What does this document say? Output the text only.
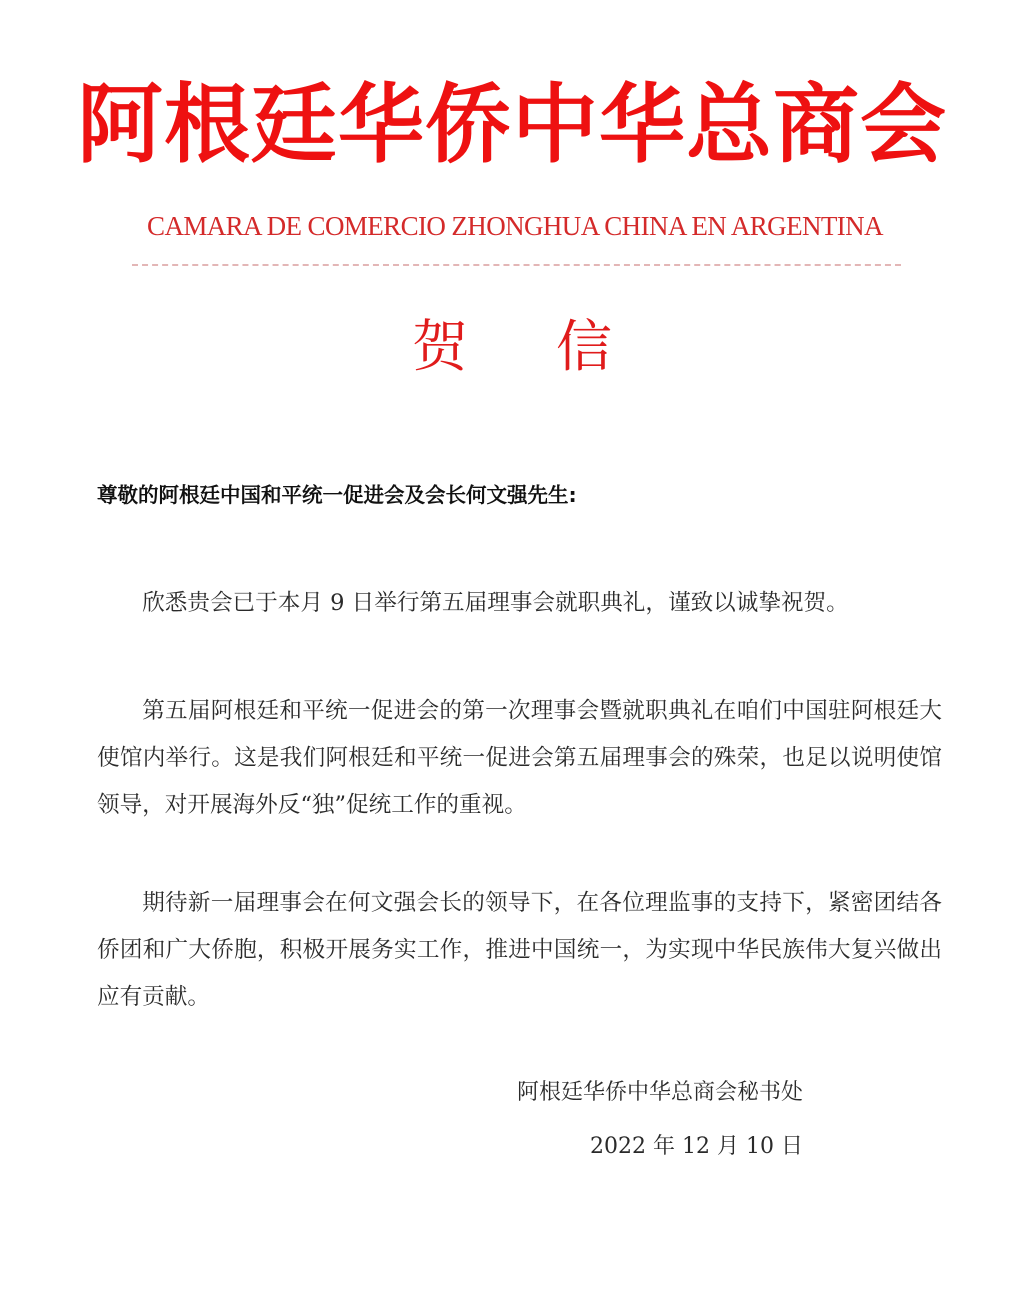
阿根廷华侨中华总商会
CAMARA DE COMERCIO ZHONGHUA CHINA EN ARGENTINA
贺 信
尊敬的阿根廷中国和平统一促进会及会长何文强先生:
欣悉贵会已于本月 9 日举行第五届理事会就职典礼，谨致以诚挚祝贺。
第五届阿根廷和平统一促进会的第一次理事会暨就职典礼在咱们中国驻阿根廷大使馆内举行。这是我们阿根廷和平统一促进会第五届理事会的殊荣，也足以说明使馆领导，对开展海外反“独”促统工作的重视。
期待新一届理事会在何文强会长的领导下，在各位理监事的支持下，紧密团结各侨团和广大侨胞，积极开展务实工作，推进中国统一，为实现中华民族伟大复兴做出应有贡献。
阿根廷华侨中华总商会秘书处
2022 年 12 月 10 日
